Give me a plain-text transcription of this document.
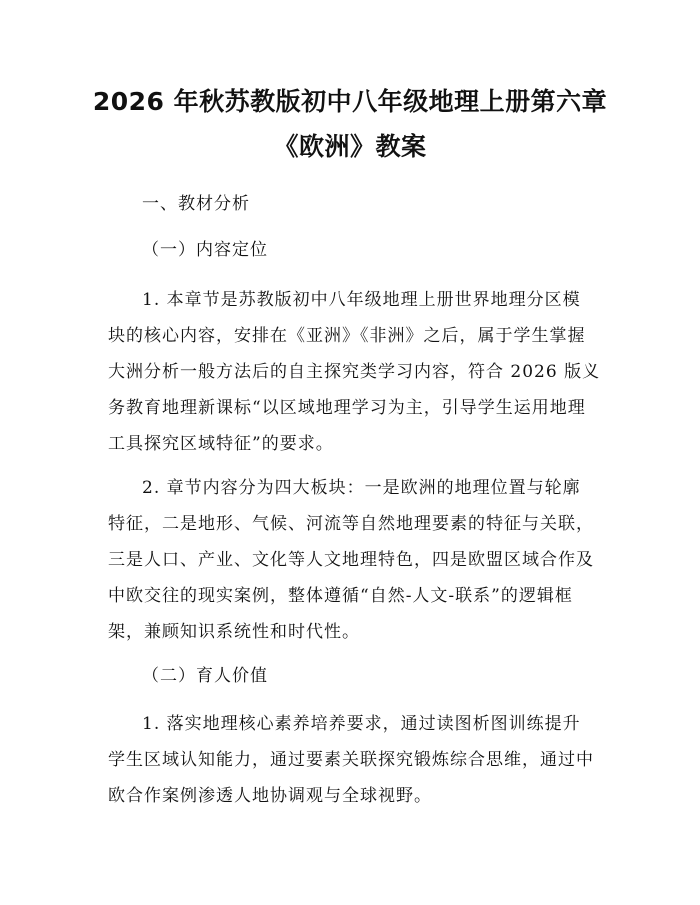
2026 年秋苏教版初中八年级地理上册第六章
《欧洲》教案
一、教材分析
（一）内容定位
1. 本章节是苏教版初中八年级地理上册世界地理分区模
块的核心内容，安排在《亚洲》《非洲》之后，属于学生掌握
大洲分析一般方法后的自主探究类学习内容，符合 2026 版义
务教育地理新课标“以区域地理学习为主，引导学生运用地理
工具探究区域特征”的要求。
2. 章节内容分为四大板块：一是欧洲的地理位置与轮廓
特征，二是地形、气候、河流等自然地理要素的特征与关联，
三是人口、产业、文化等人文地理特色，四是欧盟区域合作及
中欧交往的现实案例，整体遵循“自然-人文-联系”的逻辑框
架，兼顾知识系统性和时代性。
（二）育人价值
1. 落实地理核心素养培养要求，通过读图析图训练提升
学生区域认知能力，通过要素关联探究锻炼综合思维，通过中
欧合作案例渗透人地协调观与全球视野。
